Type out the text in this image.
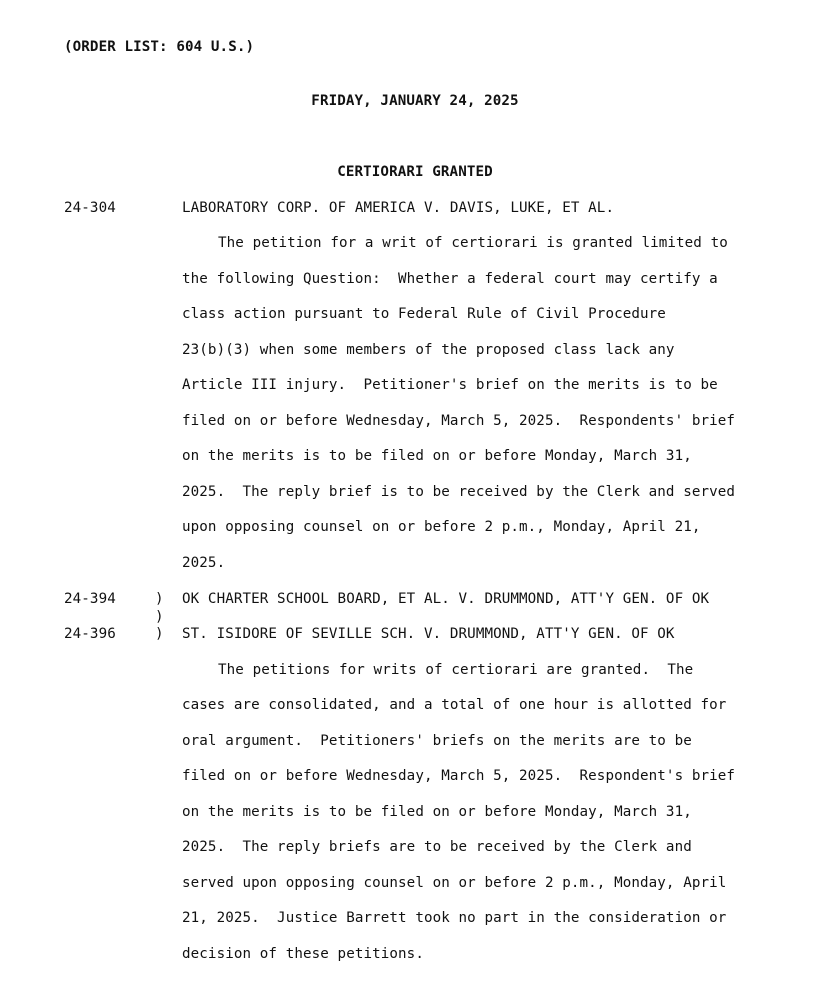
(ORDER LIST: 604 U.S.)
FRIDAY, JANUARY 24, 2025
CERTIORARI GRANTED
24-304	LABORATORY CORP. OF AMERICA V. DAVIS, LUKE, ET AL.
The petition for a writ of certiorari is granted limited to
the following Question:  Whether a federal court may certify a
class action pursuant to Federal Rule of Civil Procedure
23(b)(3) when some members of the proposed class lack any
Article III injury.  Petitioner's brief on the merits is to be
filed on or before Wednesday, March 5, 2025.  Respondents' brief
on the merits is to be filed on or before Monday, March 31,
2025.  The reply brief is to be received by the Clerk and served
upon opposing counsel on or before 2 p.m., Monday, April 21,
2025.
24-394	) OK CHARTER SCHOOL BOARD, ET AL. V. DRUMMOND, ATT'Y GEN. OF OK
)
24-396	) ST. ISIDORE OF SEVILLE SCH. V. DRUMMOND, ATT'Y GEN. OF OK
The petitions for writs of certiorari are granted.  The
cases are consolidated, and a total of one hour is allotted for
oral argument.  Petitioners' briefs on the merits are to be
filed on or before Wednesday, March 5, 2025.  Respondent's brief
on the merits is to be filed on or before Monday, March 31,
2025.  The reply briefs are to be received by the Clerk and
served upon opposing counsel on or before 2 p.m., Monday, April
21, 2025.  Justice Barrett took no part in the consideration or
decision of these petitions.
